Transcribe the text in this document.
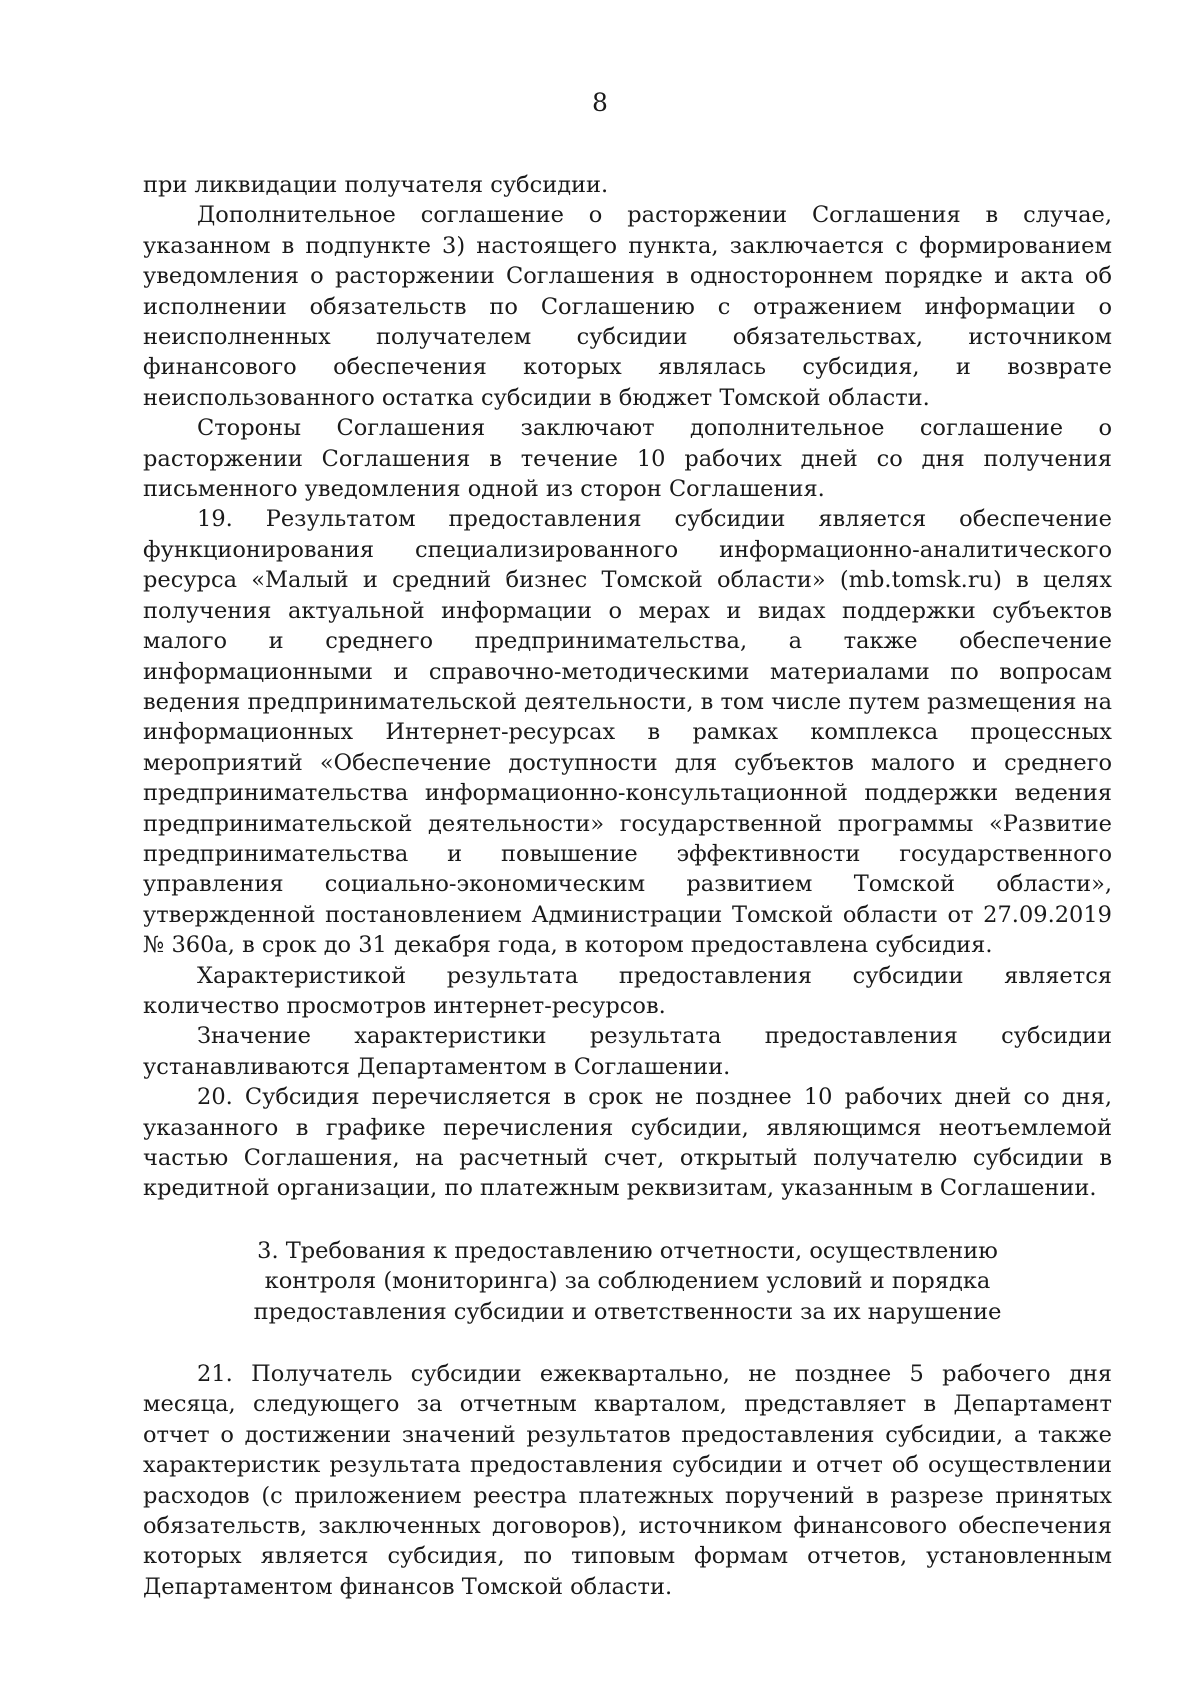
8

при ликвидации получателя субсидии.

Дополнительное соглашение о расторжении Соглашения в случае, указанном в подпункте 3) настоящего пункта, заключается с формированием уведомления о расторжении Соглашения в одностороннем порядке и акта об исполнении обязательств по Соглашению с отражением информации о неисполненных получателем субсидии обязательствах, источником финансового обеспечения которых являлась субсидия, и возврате неиспользованного остатка субсидии в бюджет Томской области.

Стороны Соглашения заключают дополнительное соглашение о расторжении Соглашения в течение 10 рабочих дней со дня получения письменного уведомления одной из сторон Соглашения.

19. Результатом предоставления субсидии является обеспечение функционирования специализированного информационно-аналитического ресурса «Малый и средний бизнес Томской области» (mb.tomsk.ru) в целях получения актуальной информации о мерах и видах поддержки субъектов малого и среднего предпринимательства, а также обеспечение информационными и справочно-методическими материалами по вопросам ведения предпринимательской деятельности, в том числе путем размещения на информационных Интернет-ресурсах в рамках комплекса процессных мероприятий «Обеспечение доступности для субъектов малого и среднего предпринимательства информационно-консультационной поддержки ведения предпринимательской деятельности» государственной программы «Развитие предпринимательства и повышение эффективности государственного управления социально-экономическим развитием Томской области», утвержденной постановлением Администрации Томской области от 27.09.2019 № 360а, в срок до 31 декабря года, в котором предоставлена субсидия.

Характеристикой результата предоставления субсидии является количество просмотров интернет-ресурсов.

Значение характеристики результата предоставления субсидии устанавливаются Департаментом в Соглашении.

20. Субсидия перечисляется в срок не позднее 10 рабочих дней со дня, указанного в графике перечисления субсидии, являющимся неотъемлемой частью Соглашения, на расчетный счет, открытый получателю субсидии в кредитной организации, по платежным реквизитам, указанным в Соглашении.

3. Требования к предоставлению отчетности, осуществлению
контроля (мониторинга) за соблюдением условий и порядка
предоставления субсидии и ответственности за их нарушение

21. Получатель субсидии ежеквартально, не позднее 5 рабочего дня месяца, следующего за отчетным кварталом, представляет в Департамент отчет о достижении значений результатов предоставления субсидии, а также характеристик результата предоставления субсидии и отчет об осуществлении расходов (с приложением реестра платежных поручений в разрезе принятых обязательств, заключенных договоров), источником финансового обеспечения которых является субсидия, по типовым формам отчетов, установленным Департаментом финансов Томской области.
